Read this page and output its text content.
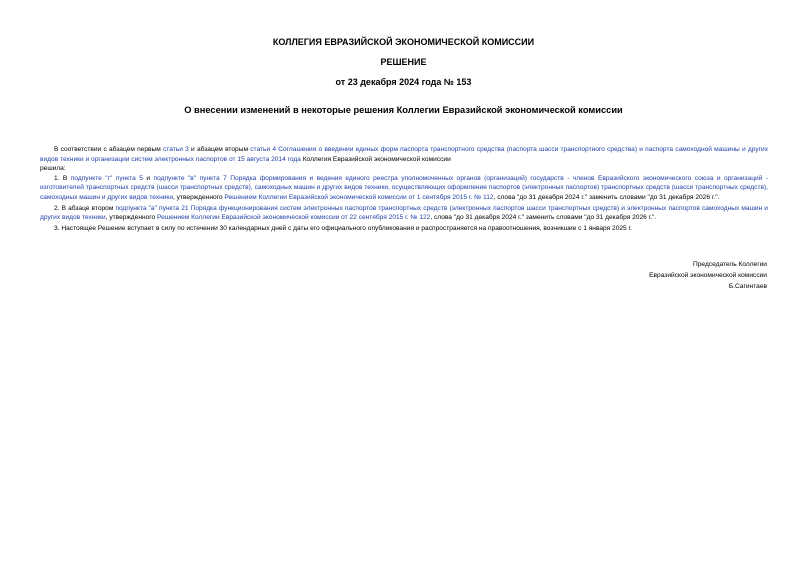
КОЛЛЕГИЯ ЕВРАЗИЙСКОЙ ЭКОНОМИЧЕСКОЙ КОМИССИИ
РЕШЕНИЕ
от 23 декабря 2024 года № 153
О внесении изменений в некоторые решения Коллегии Евразийской экономической комиссии

В соответствии с абзацем первым статьи 3 и абзацем вторым статьи 4 Соглашения о введении единых форм паспорта транспортного средства (паспорта шасси транспортного средства) и паспорта самоходной машины и других видов техники и организации систем электронных паспортов от 15 августа 2014 года Коллегия Евразийской экономической комиссии

решила:

1. В подпункте "г" пункта 5 и подпункте "в" пункта 7 Порядка формирования и ведения единого реестра уполномоченных органов (организаций) государств - членов Евразийского экономического союза и организаций - изготовителей транспортных средств (шасси транспортных средств), самоходных машин и других видов техники, осуществляющих оформление паспортов (электронных паспортов) транспортных средств (шасси транспортных средств), самоходных машин и других видов техники, утвержденного Решением Коллегии Евразийской экономической комиссии от 1 сентября 2015 г. № 112, слова "до 31 декабря 2024 г." заменить словами "до 31 декабря 2026 г.".

2. В абзаце втором подпункта "а" пункта 21 Порядка функционирования систем электронных паспортов транспортных средств (электронных паспортов шасси транспортных средств) и электронных паспортов самоходных машин и других видов техники, утвержденного Решением Коллегии Евразийской экономической комиссии от 22 сентября 2015 г. № 122, слова "до 31 декабря 2024 г." заменить словами "до 31 декабря 2026 г.".

3. Настоящее Решение вступает в силу по истечении 30 календарных дней с даты его официального опубликования и распространяется на правоотношения, возникшие с 1 января 2025 г.

Председатель Коллегии
Евразийской экономической комиссии
Б.Сагинтаев
